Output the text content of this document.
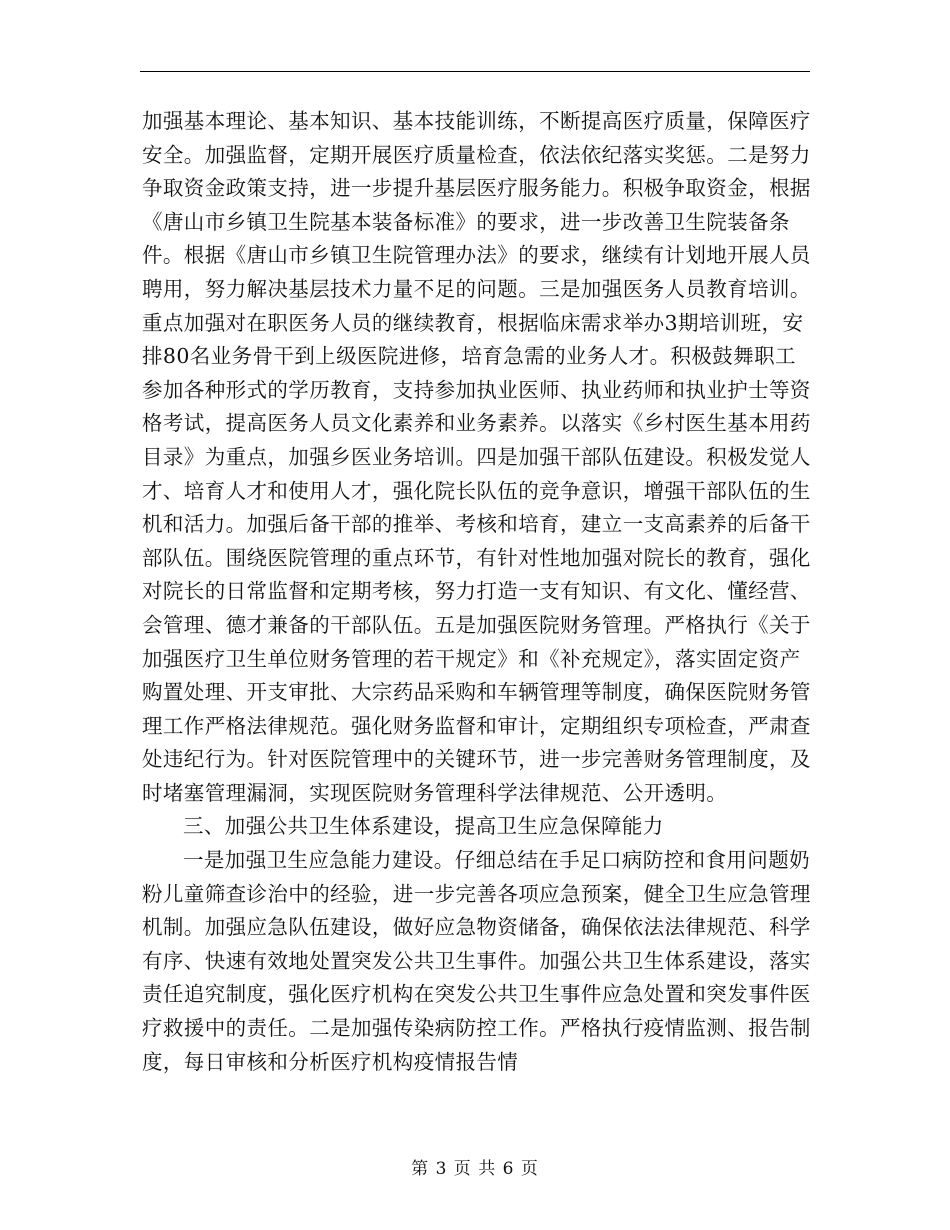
加强基本理论、基本知识、基本技能训练，不断提高医疗质量，保障医疗安全。加强监督，定期开展医疗质量检查，依法依纪落实奖惩。二是努力争取资金政策支持，进一步提升基层医疗服务能力。积极争取资金，根据《唐山市乡镇卫生院基本装备标准》的要求，进一步改善卫生院装备条件。根据《唐山市乡镇卫生院管理办法》的要求，继续有计划地开展人员聘用，努力解决基层技术力量不足的问题。三是加强医务人员教育培训。重点加强对在职医务人员的继续教育，根据临床需求举办3期培训班，安排80名业务骨干到上级医院进修，培育急需的业务人才。积极鼓舞职工参加各种形式的学历教育，支持参加执业医师、执业药师和执业护士等资格考试，提高医务人员文化素养和业务素养。以落实《乡村医生基本用药目录》为重点，加强乡医业务培训。四是加强干部队伍建设。积极发觉人才、培育人才和使用人才，强化院长队伍的竞争意识，增强干部队伍的生机和活力。加强后备干部的推举、考核和培育，建立一支高素养的后备干部队伍。围绕医院管理的重点环节，有针对性地加强对院长的教育，强化对院长的日常监督和定期考核，努力打造一支有知识、有文化、懂经营、会管理、德才兼备的干部队伍。五是加强医院财务管理。严格执行《关于加强医疗卫生单位财务管理的若干规定》和《补充规定》，落实固定资产购置处理、开支审批、大宗药品采购和车辆管理等制度，确保医院财务管理工作严格法律规范。强化财务监督和审计，定期组织专项检查，严肃查处违纪行为。针对医院管理中的关键环节，进一步完善财务管理制度，及时堵塞管理漏洞，实现医院财务管理科学法律规范、公开透明。

三、加强公共卫生体系建设，提高卫生应急保障能力

一是加强卫生应急能力建设。仔细总结在手足口病防控和食用问题奶粉儿童筛查诊治中的经验，进一步完善各项应急预案，健全卫生应急管理机制。加强应急队伍建设，做好应急物资储备，确保依法法律规范、科学有序、快速有效地处置突发公共卫生事件。加强公共卫生体系建设，落实责任追究制度，强化医疗机构在突发公共卫生事件应急处置和突发事件医疗救援中的责任。二是加强传染病防控工作。严格执行疫情监测、报告制度，每日审核和分析医疗机构疫情报告情

第 3 页 共 6 页
